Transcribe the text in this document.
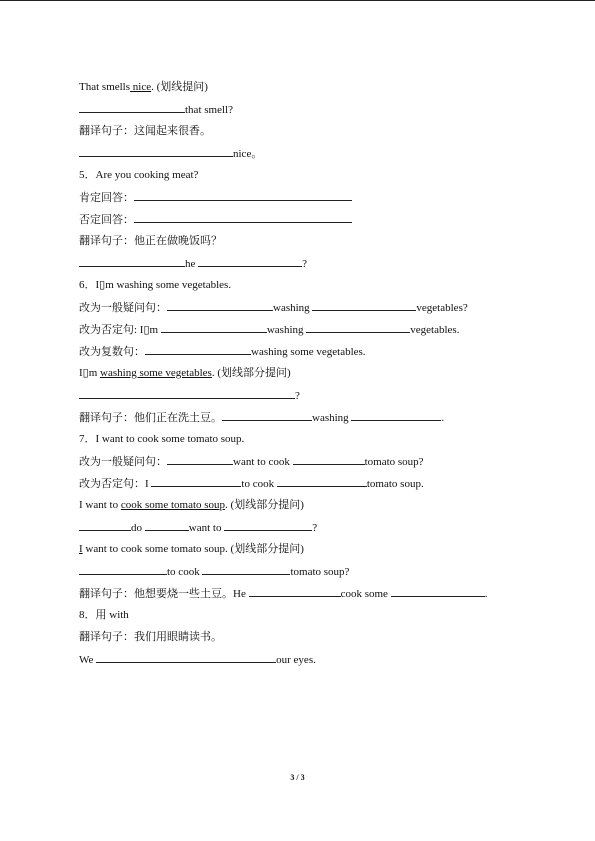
That smells nice. (划线提问)
that smell?
翻译句子：这闻起来很香。
nice。
5．Are you cooking meat?
肯定回答：
否定回答：
翻译句子：他正在做晚饭吗？
he	?
6．I▯m washing some vegetables.
改为一般疑问句：	washing	vegetables?
改为否定句: I▯m	washing	vegetables.
改为复数句：	washing some vegetables.
I▯m washing some vegetables. (划线部分提问)
?
翻译句子：他们正在洗土豆。	washing	.
7．I want to cook some tomato soup.
改为一般疑问句：	want to cook	tomato soup?
改为否定句：I	to cook	tomato soup.
I want to cook some tomato soup. (划线部分提问)
do	want to	?
I want to cook some tomato soup. (划线部分提问)
to cook	tomato soup?
翻译句子：他想要烧一些土豆。He	cook some	.
8．用 with
翻译句子：我们用眼睛读书。
We	our eyes.
3 / 3
